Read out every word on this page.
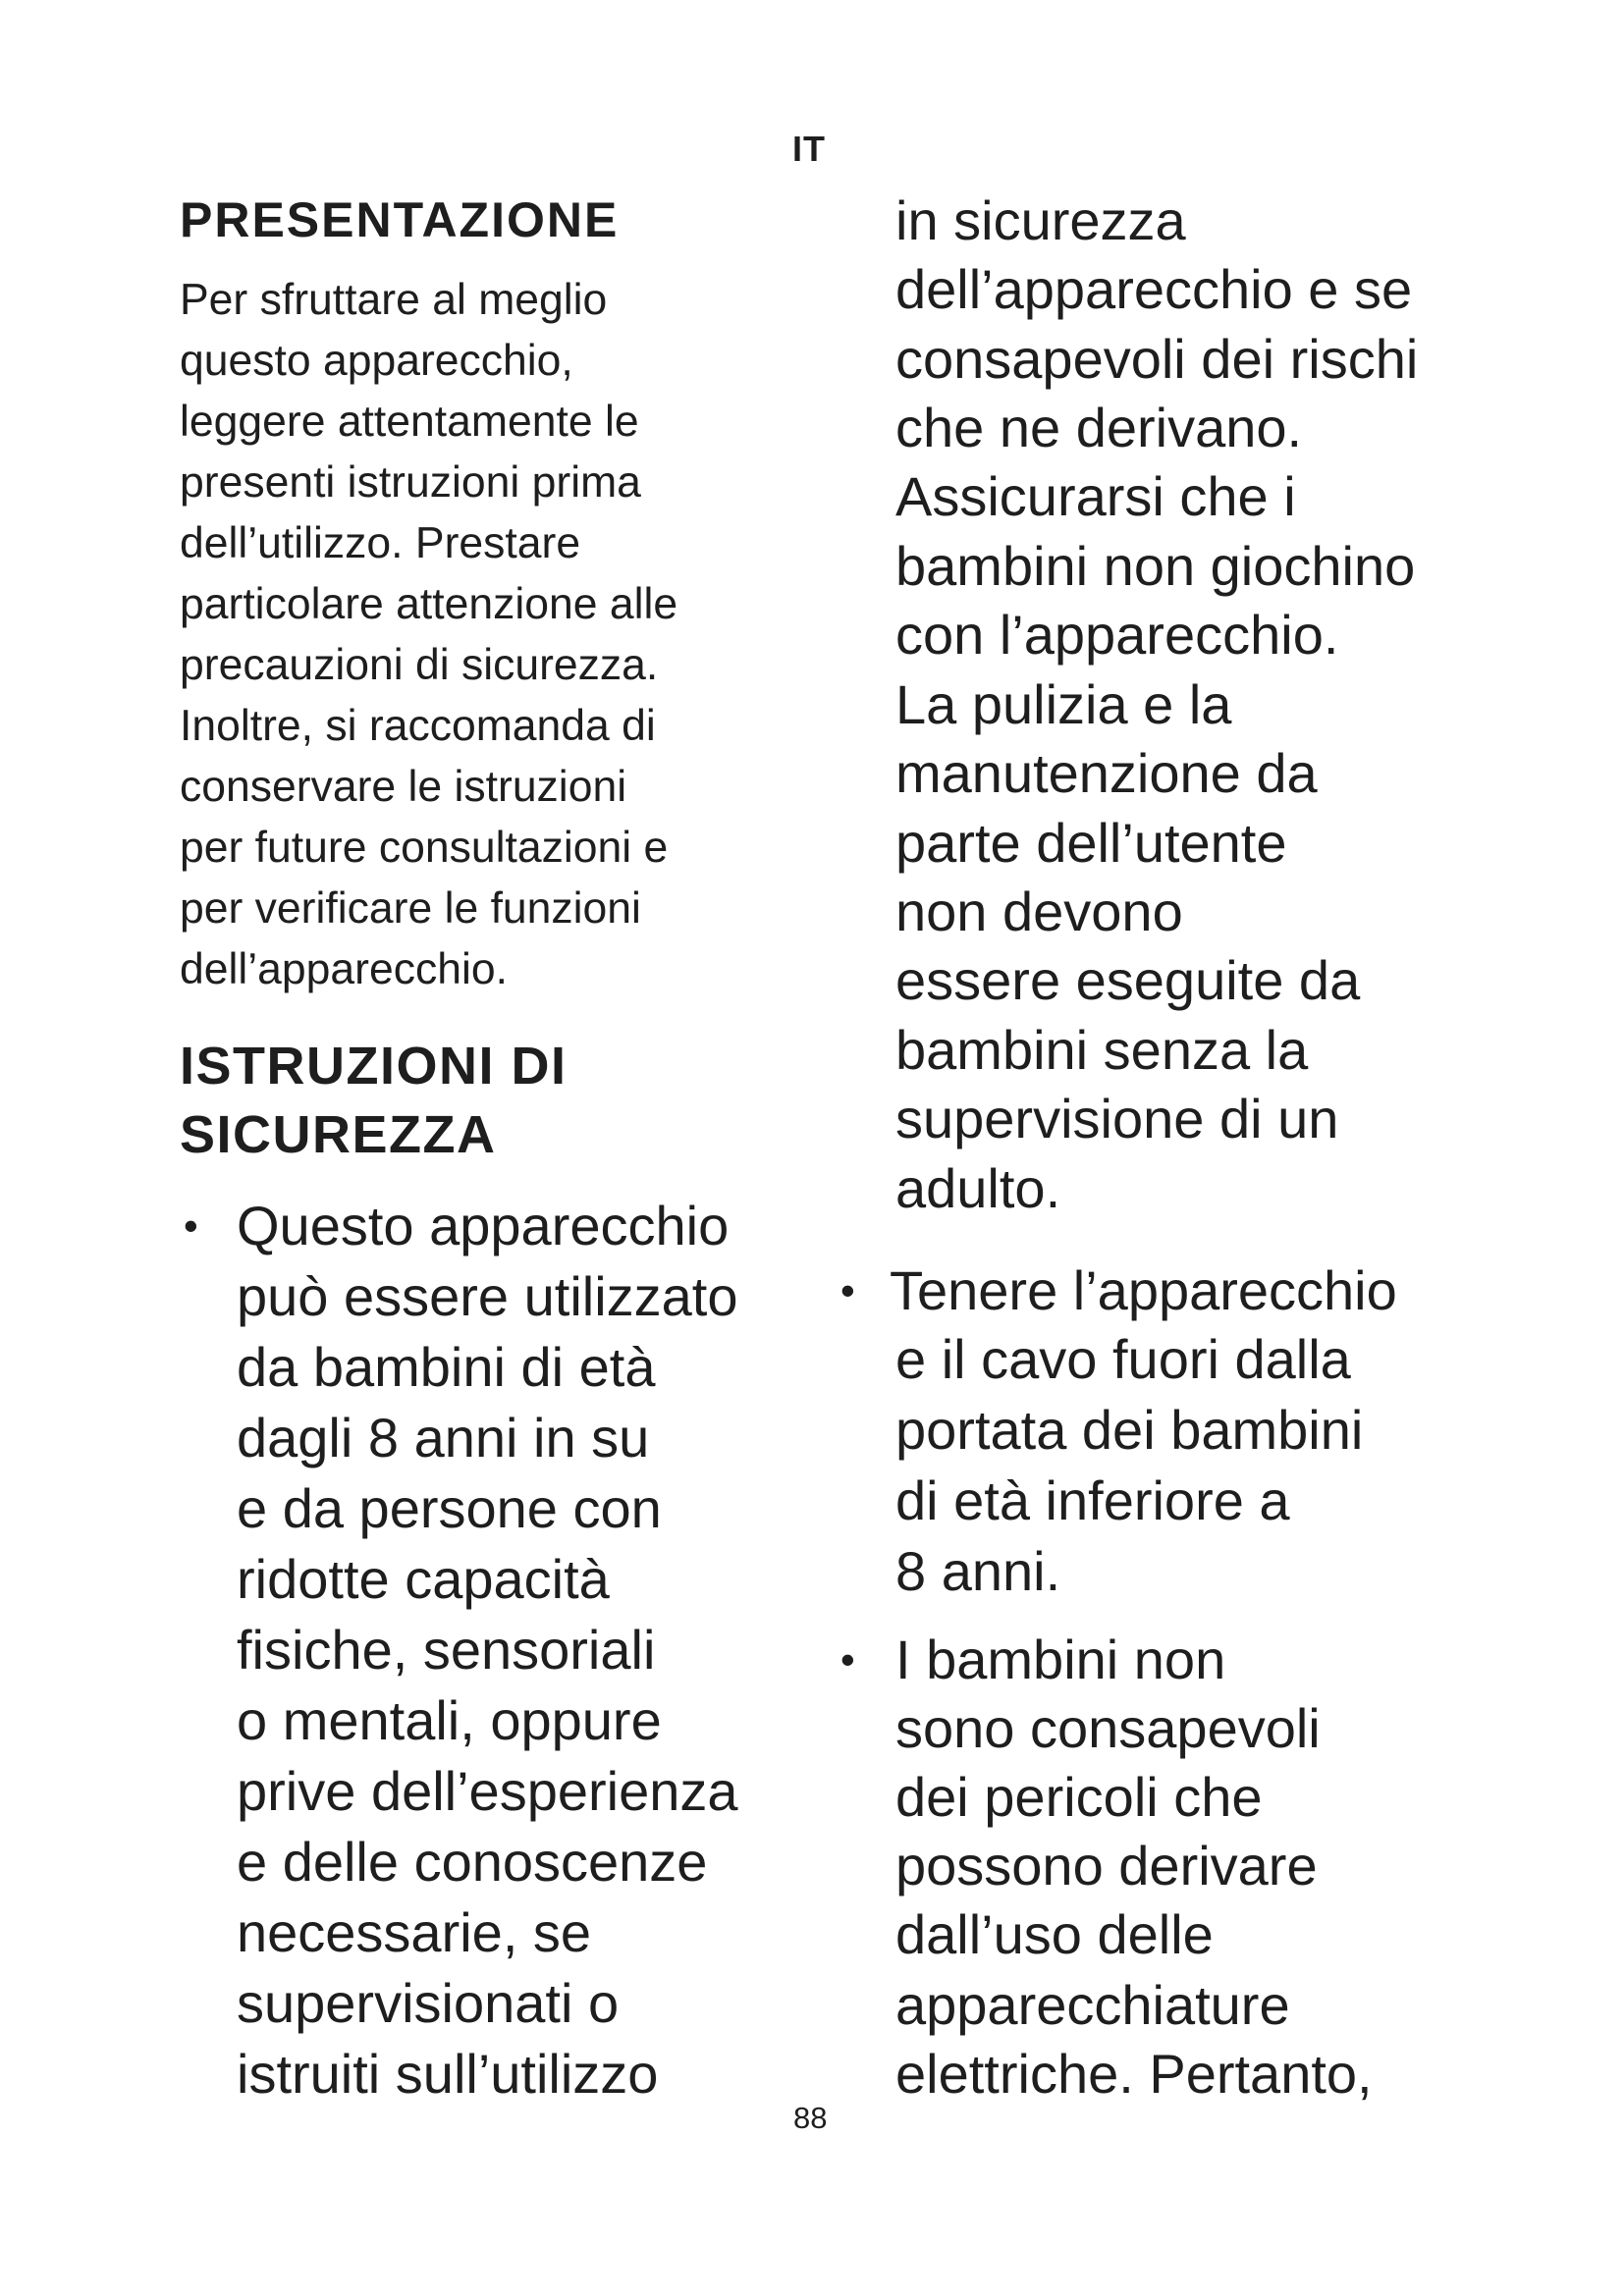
IT
PRESENTAZIONE
Per sfruttare al meglio
questo apparecchio,
leggere attentamente le
presenti istruzioni prima
dell’utilizzo. Prestare
particolare attenzione alle
precauzioni di sicurezza.
Inoltre, si raccomanda di
conservare le istruzioni
per future consultazioni e
per verificare le funzioni
dell’apparecchio.
ISTRUZIONI DI
SICUREZZA
• Questo apparecchio
può essere utilizzato
da bambini di età
dagli 8 anni in su
e da persone con
ridotte capacità
fisiche, sensoriali
o mentali, oppure
prive dell’esperienza
e delle conoscenze
necessarie, se
supervisionati o
istruiti sull’utilizzo
in sicurezza
dell’apparecchio e se
consapevoli dei rischi
che ne derivano.
Assicurarsi che i
bambini non giochino
con l’apparecchio.
La pulizia e la
manutenzione da
parte dell’utente
non devono
essere eseguite da
bambini senza la
supervisione di un
adulto.
• Tenere l’apparecchio
e il cavo fuori dalla
portata dei bambini
di età inferiore a
8 anni.
• I bambini non
sono consapevoli
dei pericoli che
possono derivare
dall’uso delle
apparecchiature
elettriche. Pertanto,
88
